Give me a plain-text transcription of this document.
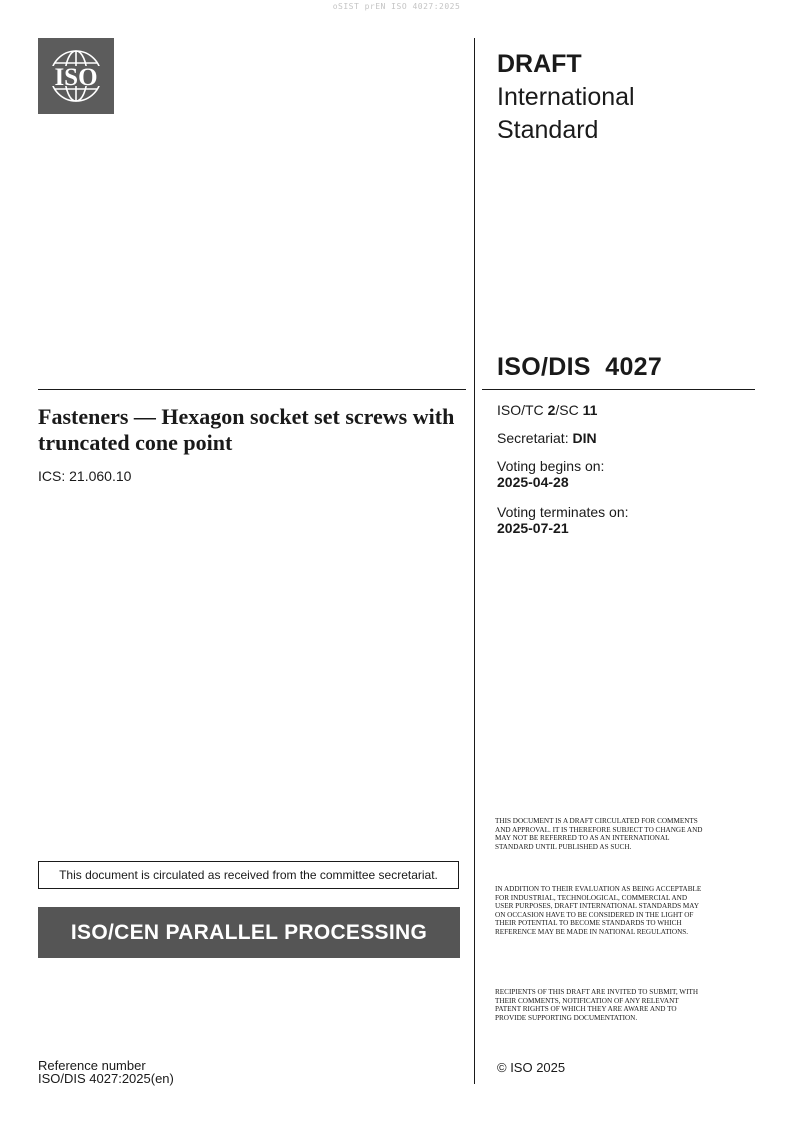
oSIST prEN ISO 4027:2025
ISO	DRAFT
International
Standard
ISO/DIS  4027
Fasteners — Hexagon socket set screws with truncated cone point
ICS: 21.060.10
ISO/TC 2/SC 11
Secretariat: DIN
Voting begins on:
2025-04-28
Voting terminates on:
2025-07-21
This document is circulated as received from the committee secretariat.
ISO/CEN PARALLEL PROCESSING
THIS DOCUMENT IS A DRAFT CIRCULATED FOR COMMENTS AND APPROVAL. IT IS THEREFORE SUBJECT TO CHANGE AND MAY NOT BE REFERRED TO AS AN INTERNATIONAL STANDARD UNTIL PUBLISHED AS SUCH.
IN ADDITION TO THEIR EVALUATION AS BEING ACCEPTABLE FOR INDUSTRIAL, TECHNOLOGICAL, COMMERCIAL AND USER PURPOSES, DRAFT INTERNATIONAL STANDARDS MAY ON OCCASION HAVE TO BE CONSIDERED IN THE LIGHT OF THEIR POTENTIAL TO BECOME STANDARDS TO WHICH REFERENCE MAY BE MADE IN NATIONAL REGULATIONS.
RECIPIENTS OF THIS DRAFT ARE INVITED TO SUBMIT, WITH THEIR COMMENTS, NOTIFICATION OF ANY RELEVANT PATENT RIGHTS OF WHICH THEY ARE AWARE AND TO PROVIDE SUPPORTING DOCUMENTATION.
Reference number
ISO/DIS 4027:2025(en)
© ISO 2025
